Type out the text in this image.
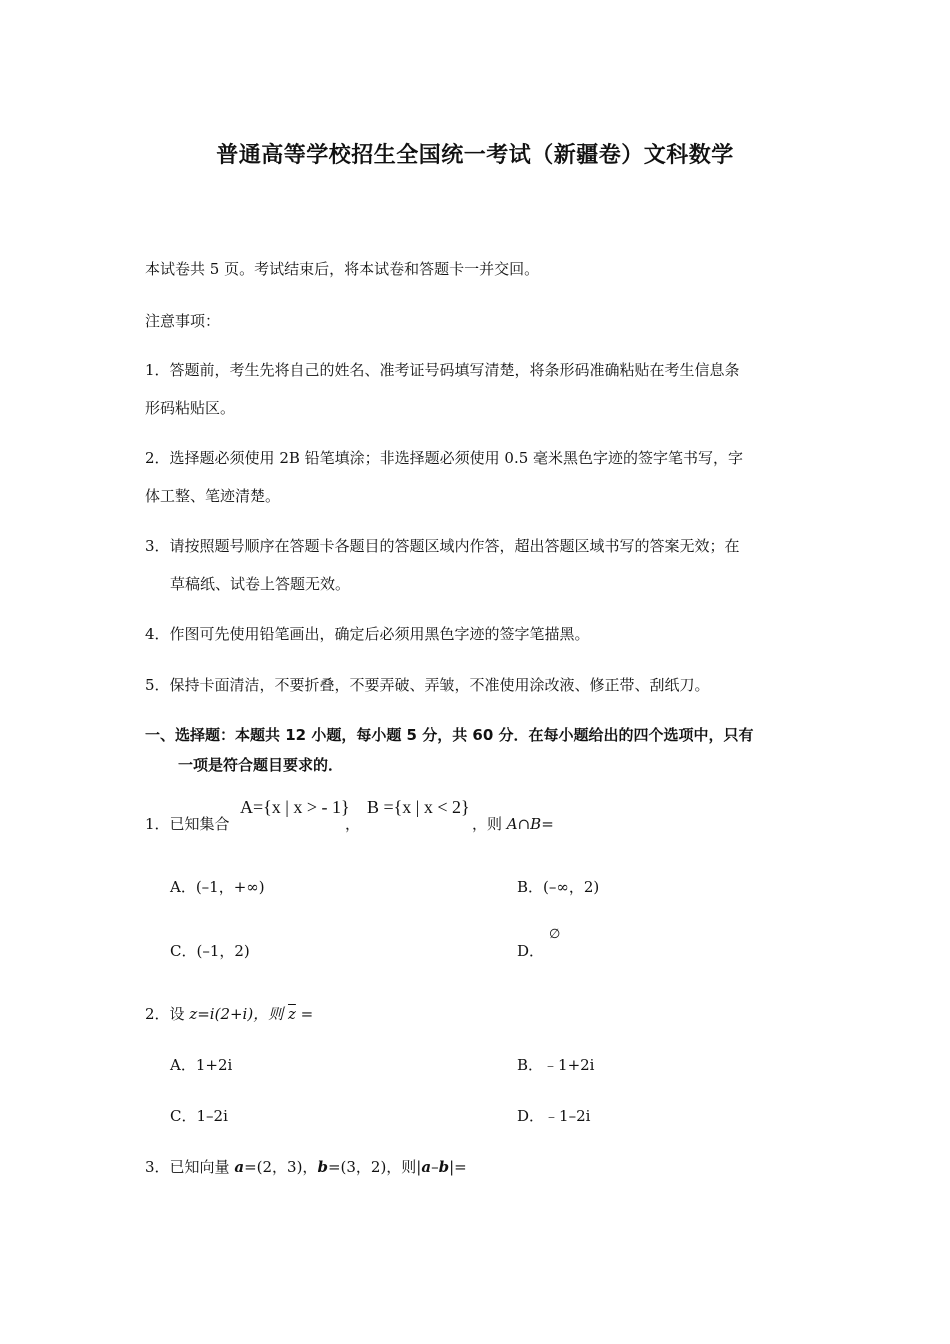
普通高等学校招生全国统一考试（新疆卷）文科数学
本试卷共 5 页。考试结束后，将本试卷和答题卡一并交回。
注意事项：
1．答题前，考生先将自己的姓名、准考证号码填写清楚，将条形码准确粘贴在考生信息条
形码粘贴区。
2．选择题必须使用 2B 铅笔填涂；非选择题必须使用 0.5 毫米黑色字迹的签字笔书写，字
体工整、笔迹清楚。
3．请按照题号顺序在答题卡各题目的答题区域内作答，超出答题区域书写的答案无效；在
草稿纸、试卷上答题无效。
4．作图可先使用铅笔画出，确定后必须用黑色字迹的签字笔描黑。
5．保持卡面清洁，不要折叠，不要弄破、弄皱，不准使用涂改液、修正带、刮纸刀。
一、选择题：本题共 12 小题，每小题 5 分，共 60 分．在每小题给出的四个选项中，只有
一项是符合题目要求的．
1．已知集合
A={x | x > - 1}
，
B ={x | x < 2}
，则 A∩B=
A．(–1，+∞)	B．(–∞，2)
C．(–1，2)	D．
∅
2．设 z=i(2+i)，则 $\overline{z}$ =
A．1+2i	B．﹣1+2i
C．1–2i	D．﹣1–2i
3．已知向量 a=(2，3)，b=(3，2)，则|a–b|=
